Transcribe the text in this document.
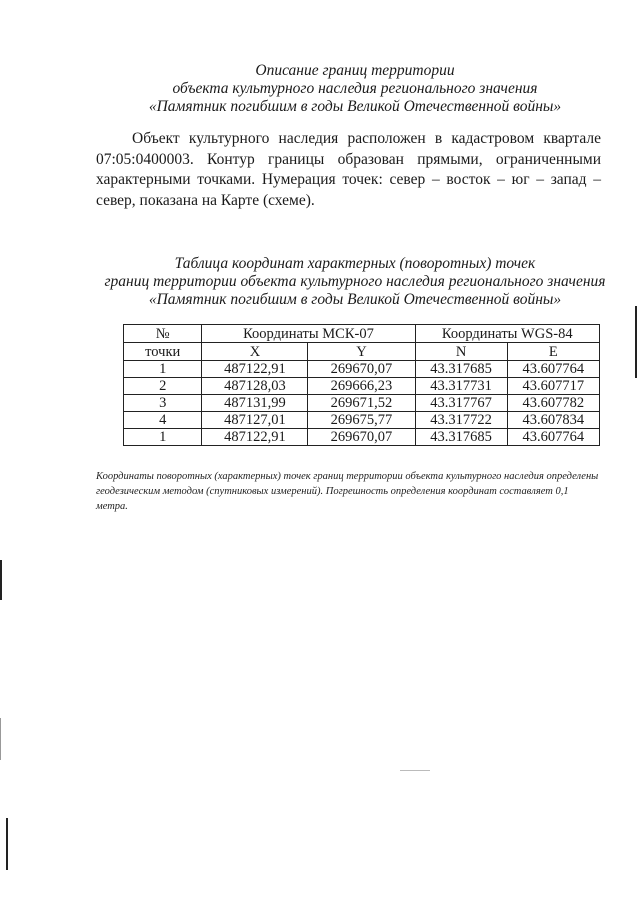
Описание границ территории
объекта культурного наследия регионального значения
«Памятник погибшим в годы Великой Отечественной войны»
Объект культурного наследия расположен в кадастровом квартале 07:05:0400003. Контур границы образован прямыми, ограниченными характерными точками. Нумерация точек: север – восток – юг – запад – север, показана на Карте (схеме).
Таблица координат характерных (поворотных) точек
границ территории объекта культурного наследия регионального значения
«Памятник погибшим в годы Великой Отечественной войны»
№	Координаты МСК-07		Координаты WGS-84	
точки	X	Y	N	E
1	487122,91	269670,07	43.317685	43.607764
2	487128,03	269666,23	43.317731	43.607717
3	487131,99	269671,52	43.317767	43.607782
4	487127,01	269675,77	43.317722	43.607834
1	487122,91	269670,07	43.317685	43.607764
Координаты поворотных (характерных) точек границ территории объекта культурного наследия определены геодезическим методом (спутниковых измерений). Погрешность определения координат составляет 0,1 метра.
